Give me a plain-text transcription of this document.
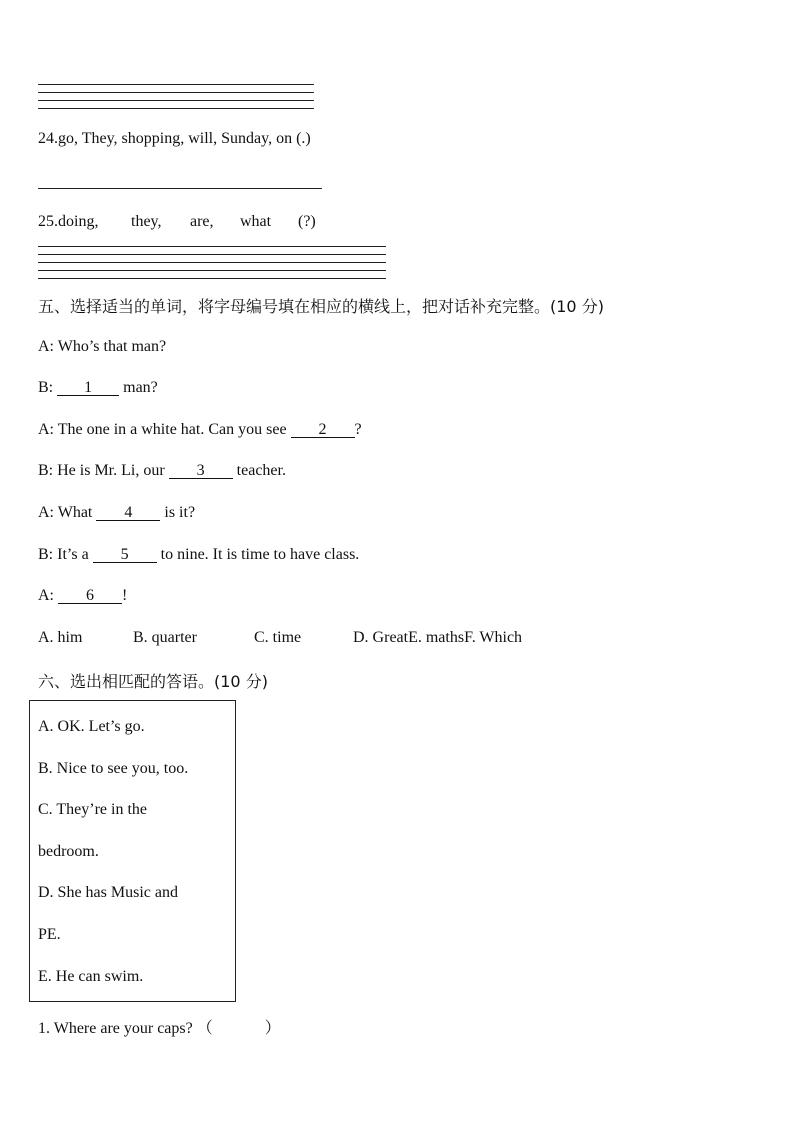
24.go, They, shopping, will, Sunday, on (.)
25.doing, they, are, what (?)
五、选择适当的单词，将字母编号填在相应的横线上，把对话补充完整。(10 分)
A: Who’s that man?
B: 1 man?
A: The one in a white hat. Can you see 2 ?
B: He is Mr. Li, our 3 teacher.
A: What 4 is it?
B: It’s a 5 to nine. It is time to have class.
A: 6 !
A. him	B. quarter	C. time	D. GreatE. mathsF. Which
六、选出相匹配的答语。(10 分)
A. OK. Let’s go.
B. Nice to see you, too.
C. They’re in the
bedroom.
D. She has Music and
PE.
E. He can swim.
1. Where are your caps? （	）
